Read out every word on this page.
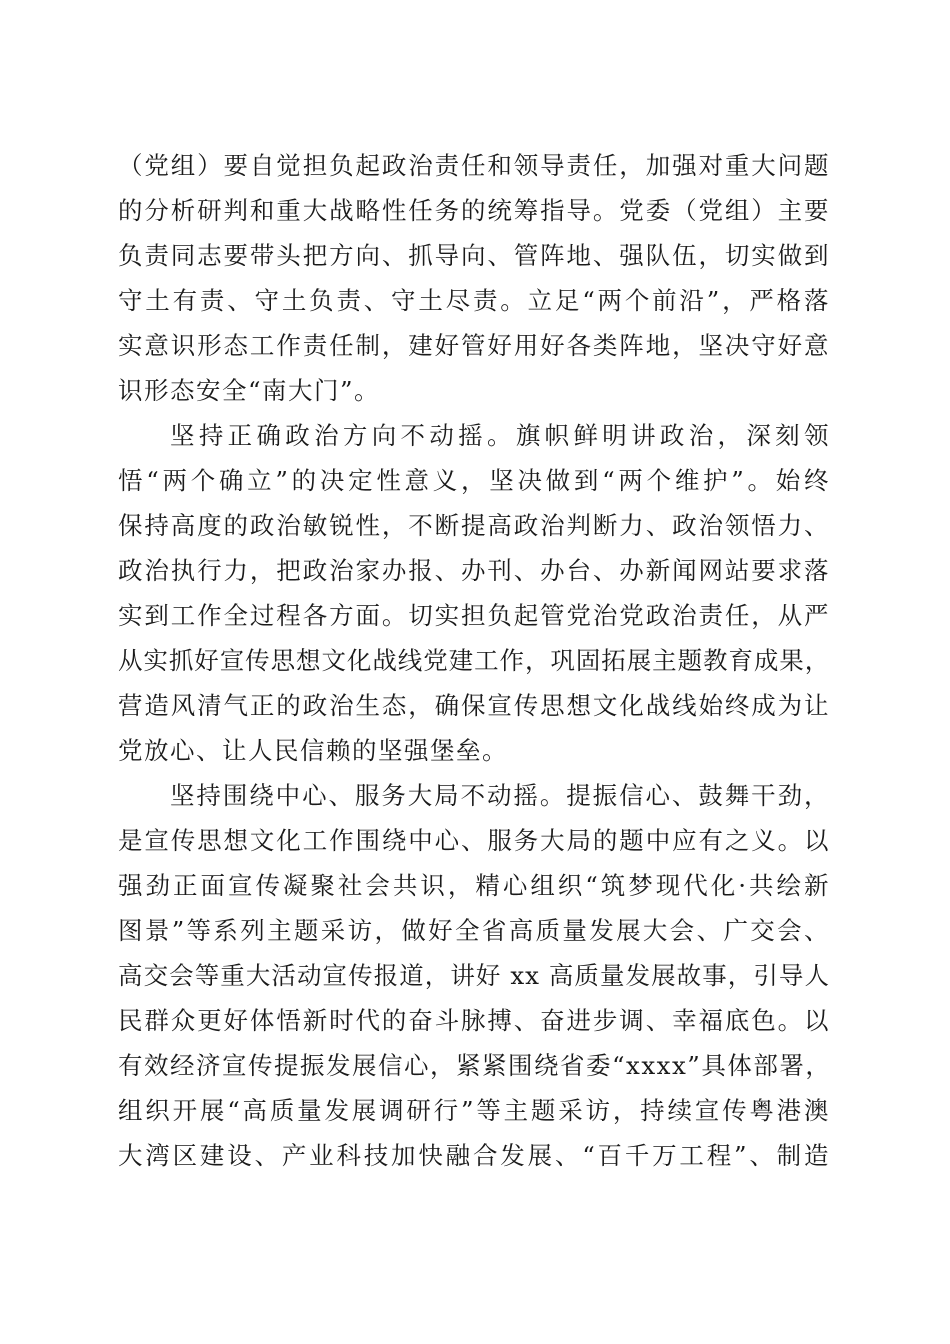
（党组）要自觉担负起政治责任和领导责任，加强对重大问题
的分析研判和重大战略性任务的统筹指导。党委（党组）主要
负责同志要带头把方向、抓导向、管阵地、强队伍，切实做到
守土有责、守土负责、守土尽责。立足“两个前沿”，严格落
实意识形态工作责任制，建好管好用好各类阵地，坚决守好意
识形态安全“南大门”。
坚持正确政治方向不动摇。旗帜鲜明讲政治，深刻领
悟“两个确立”的决定性意义，坚决做到“两个维护”。始终
保持高度的政治敏锐性，不断提高政治判断力、政治领悟力、
政治执行力，把政治家办报、办刊、办台、办新闻网站要求落
实到工作全过程各方面。切实担负起管党治党政治责任，从严
从实抓好宣传思想文化战线党建工作，巩固拓展主题教育成果，
营造风清气正的政治生态，确保宣传思想文化战线始终成为让
党放心、让人民信赖的坚强堡垒。
坚持围绕中心、服务大局不动摇。提振信心、鼓舞干劲，
是宣传思想文化工作围绕中心、服务大局的题中应有之义。以
强劲正面宣传凝聚社会共识，精心组织“筑梦现代化·共绘新
图景”等系列主题采访，做好全省高质量发展大会、广交会、
高交会等重大活动宣传报道，讲好 xx 高质量发展故事，引导人
民群众更好体悟新时代的奋斗脉搏、奋进步调、幸福底色。以
有效经济宣传提振发展信心，紧紧围绕省委“xxxx”具体部署，
组织开展“高质量发展调研行”等主题采访，持续宣传粤港澳
大湾区建设、产业科技加快融合发展、“百千万工程”、制造
